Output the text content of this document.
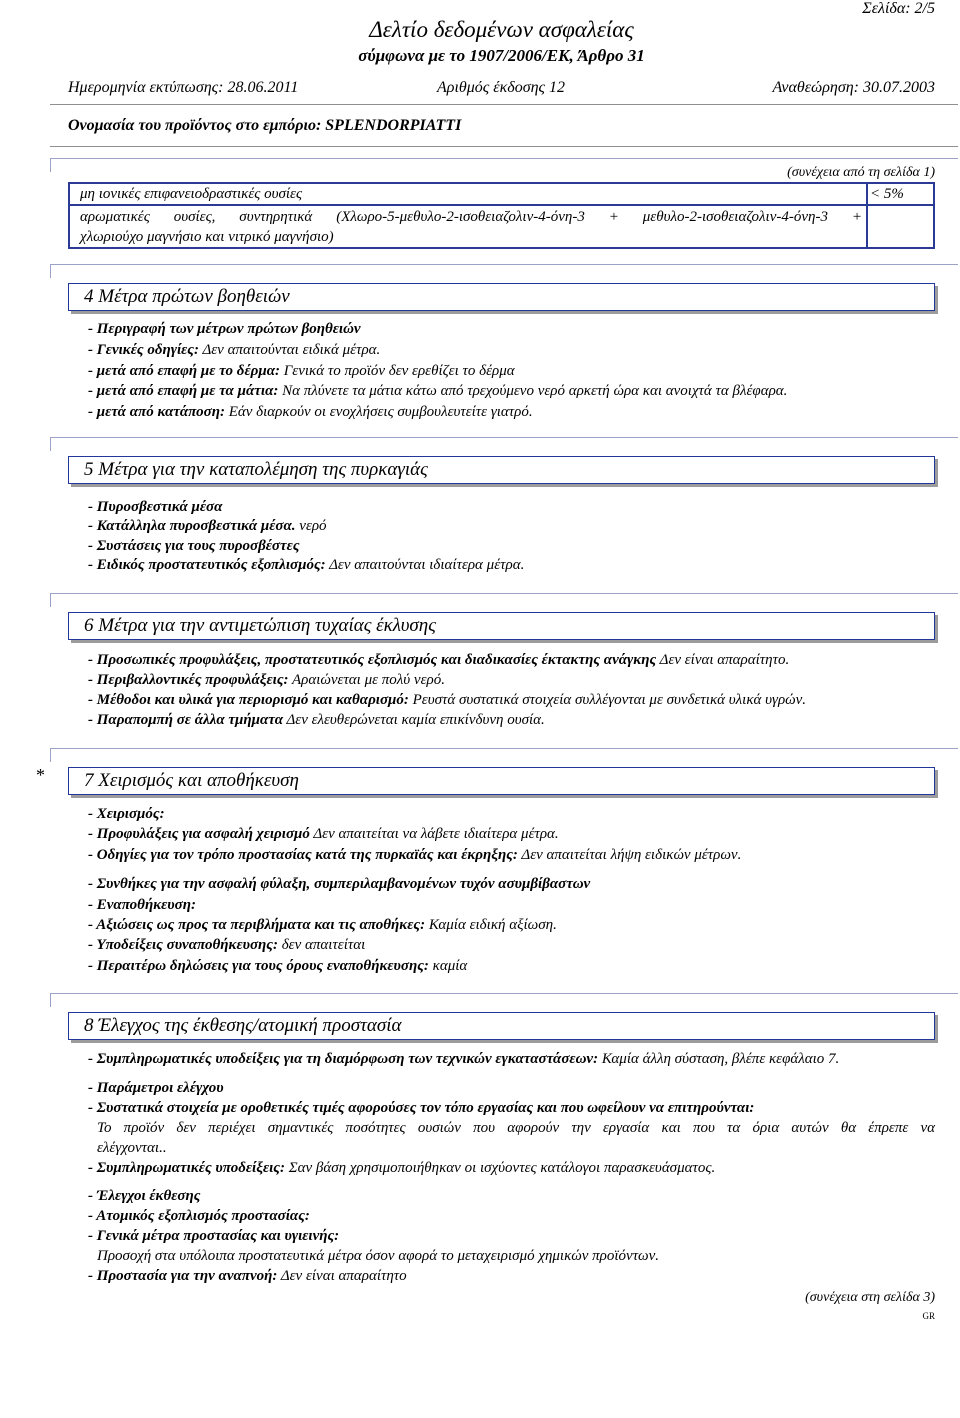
Σελίδα: 2/5
Δελτίο δεδομένων ασφαλείας
σύμφωνα με το 1907/2006/ΕΚ, Άρθρο 31
Ημερομηνία εκτύπωσης: 28.06.2011	Αριθμός έκδοσης 12	Αναθεώρηση: 30.07.2003
Ονομασία του προϊόντος στο εμπόριο: SPLENDORPIATTI
(συνέχεια από τη σελίδα 1)
μη ιονικές επιφανειοδραστικές ουσίες	< 5%

αρωματικές ουσίες, συντηρητικά (Χλωρο-5-μεθυλο-2-ισοθειαζολιν-4-όνη-3 + μεθυλο-2-ισοθειαζολιν-4-όνη-3 +
χλωριούχο μαγνήσιο και νιτρικό μαγνήσιο)	

4 Μέτρα πρώτων βοηθειών
- Περιγραφή των μέτρων πρώτων βοηθειών
- Γενικές οδηγίες: Δεν απαιτούνται ειδικά μέτρα.
- μετά από επαφή με το δέρμα: Γενικά το προϊόν δεν ερεθίζει το δέρμα
- μετά από επαφή με τα μάτια: Να πλύνετε τα μάτια κάτω από τρεχούμενο νερό αρκετή ώρα και ανοιχτά τα βλέφαρα.
- μετά από κατάποση: Εάν διαρκούν οι ενοχλήσεις συμβουλευτείτε γιατρό.
5 Μέτρα για την καταπολέμηση της πυρκαγιάς
- Πυροσβεστικά μέσα
- Κατάλληλα πυροσβεστικά μέσα. νερό
- Συστάσεις για τους πυροσβέστες
- Ειδικός προστατευτικός εξοπλισμός: Δεν απαιτούνται ιδιαίτερα μέτρα.
6 Μέτρα για την αντιμετώπιση τυχαίας έκλυσης
- Προσωπικές προφυλάξεις, προστατευτικός εξοπλισμός και διαδικασίες έκτακτης ανάγκης Δεν είναι απαραίτητο.
- Περιβαλλοντικές προφυλάξεις: Αραιώνεται με πολύ νερό.
- Μέθοδοι και υλικά για περιορισμό και καθαρισμό: Ρευστά συστατικά στοιχεία συλλέγονται με συνδετικά υλικά υγρών.
- Παραπομπή σε άλλα τμήματα Δεν ελευθερώνεται καμία επικίνδυνη ουσία.
*	7 Χειρισμός και αποθήκευση
- Χειρισμός:
- Προφυλάξεις για ασφαλή χειρισμό Δεν απαιτείται να λάβετε ιδιαίτερα μέτρα.
- Οδηγίες για τον τρόπο προστασίας κατά της πυρκαϊάς και έκρηξης: Δεν απαιτείται λήψη ειδικών μέτρων.
- Συνθήκες για την ασφαλή φύλαξη, συμπεριλαμβανομένων τυχόν ασυμβίβαστων
- Εναποθήκευση:
- Αξιώσεις ως προς τα περιβλήματα και τις αποθήκες: Καμία ειδική αξίωση.
- Υποδείξεις συναποθήκευσης: δεν απαιτείται
- Περαιτέρω δηλώσεις για τους όρους εναποθήκευσης: καμία
8 Έλεγχος της έκθεσης/ατομική προστασία
- Συμπληρωματικές υποδείξεις για τη διαμόρφωση των τεχνικών εγκαταστάσεων: Καμία άλλη σύσταση, βλέπε κεφάλαιο 7.
- Παράμετροι ελέγχου
- Συστατικά στοιχεία με οροθετικές τιμές αφορούσες τον τόπο εργασίας και που ωφείλουν να επιτηρούνται:
Το προϊόν δεν περιέχει σημαντικές ποσότητες ουσιών που αφορούν την εργασία και που τα όρια αυτών θα έπρεπε να
ελέγχονται..
- Συμπληρωματικές υποδείξεις: Σαν βάση χρησιμοποιήθηκαν οι ισχύοντες κατάλογοι παρασκευάσματος.
- Έλεγχοι έκθεσης
- Ατομικός εξοπλισμός προστασίας:
- Γενικά μέτρα προστασίας και υγιεινής:
Προσοχή στα υπόλοιπα προστατευτικά μέτρα όσον αφορά το μεταχειρισμό χημικών προϊόντων.
- Προστασία για την αναπνοή: Δεν είναι απαραίτητο
(συνέχεια στη σελίδα 3)
GR
